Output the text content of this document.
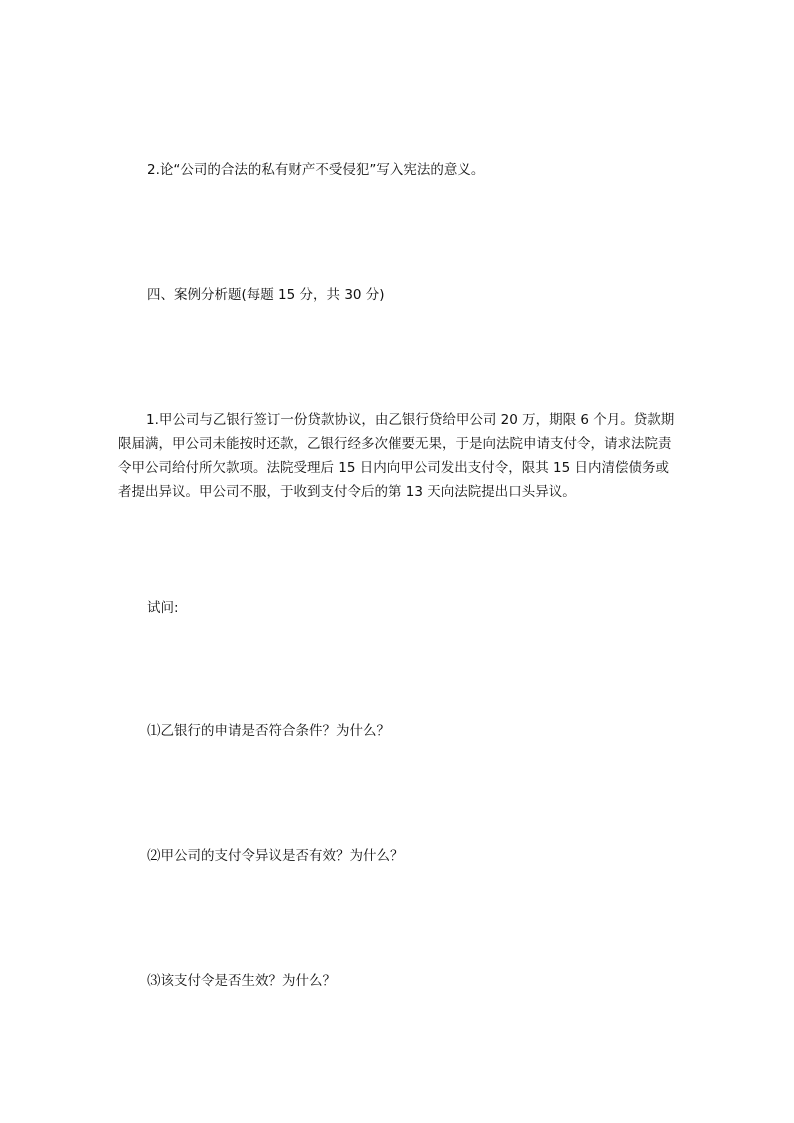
2.论“公司的合法的私有财产不受侵犯”写入宪法的意义。
四、案例分析题(每题 15 分，共 30 分)
1.甲公司与乙银行签订一份贷款协议，由乙银行贷给甲公司 20 万，期限 6 个月。贷款期限届满，甲公司未能按时还款，乙银行经多次催要无果，于是向法院申请支付令，请求法院责令甲公司给付所欠款项。法院受理后 15 日内向甲公司发出支付令，限其 15 日内清偿债务或者提出异议。甲公司不服，于收到支付令后的第 13 天向法院提出口头异议。
试问:
⑴乙银行的申请是否符合条件？为什么？
⑵甲公司的支付令异议是否有效？为什么？
⑶该支付令是否生效？为什么？
